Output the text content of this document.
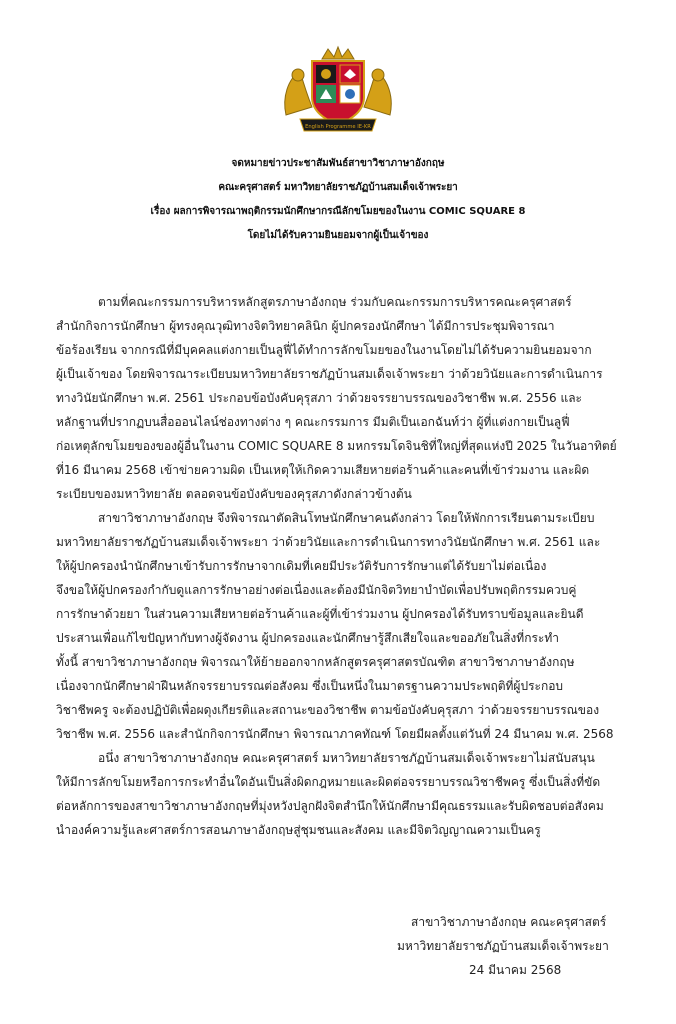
English Programme IE-KR

จดหมายข่าวประชาสัมพันธ์สาขาวิชาภาษาอังกฤษ

คณะครุศาสตร์ มหาวิทยาลัยราชภัฏบ้านสมเด็จเจ้าพระยา

เรื่อง ผลการพิจารณาพฤติกรรมนักศึกษากรณีลักขโมยของในงาน COMIC SQUARE 8

โดยไม่ได้รับความยินยอมจากผู้เป็นเจ้าของ

ตามที่คณะกรรมการบริหารหลักสูตรภาษาอังกฤษ ร่วมกับคณะกรรมการบริหารคณะครุศาสตร์

สำนักกิจการนักศึกษา ผู้ทรงคุณวุฒิทางจิตวิทยาคลินิก ผู้ปกครองนักศึกษา ได้มีการประชุมพิจารณา

ข้อร้องเรียน จากกรณีที่มีบุคคลแต่งกายเป็นลูฟี่ได้ทำการลักขโมยของในงานโดยไม่ได้รับความยินยอมจาก

ผู้เป็นเจ้าของ โดยพิจารณาระเบียบมหาวิทยาลัยราชภัฏบ้านสมเด็จเจ้าพระยา ว่าด้วยวินัยและการดำเนินการ

ทางวินัยนักศึกษา พ.ศ. 2561 ประกอบข้อบังคับคุรุสภา ว่าด้วยจรรยาบรรณของวิชาชีพ พ.ศ. 2556 และ

หลักฐานที่ปรากฏบนสื่อออนไลน์ช่องทางต่าง ๆ คณะกรรมการ มีมติเป็นเอกฉันท์ว่า ผู้ที่แต่งกายเป็นลูฟี่

ก่อเหตุลักขโมยของของผู้อื่นในงาน COMIC SQUARE 8 มหกรรมโดจินชิที่ใหญ่ที่สุดแห่งปี 2025 ในวันอาทิตย์

ที่16 มีนาคม 2568 เข้าข่ายความผิด เป็นเหตุให้เกิดความเสียหายต่อร้านค้าและคนที่เข้าร่วมงาน และผิด

ระเบียบของมหาวิทยาลัย ตลอดจนข้อบังคับของคุรุสภาดังกล่าวข้างต้น

สาขาวิชาภาษาอังกฤษ จึงพิจารณาตัดสินโทษนักศึกษาคนดังกล่าว โดยให้พักการเรียนตามระเบียบ

มหาวิทยาลัยราชภัฏบ้านสมเด็จเจ้าพระยา ว่าด้วยวินัยและการดำเนินการทางวินัยนักศึกษา พ.ศ. 2561 และ

ให้ผู้ปกครองนำนักศึกษาเข้ารับการรักษาจากเดิมที่เคยมีประวัติรับการรักษาแต่ได้รับยาไม่ต่อเนื่อง

จึงขอให้ผู้ปกครองกำกับดูแลการรักษาอย่างต่อเนื่องและต้องมีนักจิตวิทยาบำบัดเพื่อปรับพฤติกรรมควบคู่

การรักษาด้วยยา ในส่วนความเสียหายต่อร้านค้าและผู้ที่เข้าร่วมงาน ผู้ปกครองได้รับทราบข้อมูลและยินดี

ประสานเพื่อแก้ไขปัญหากับทางผู้จัดงาน ผู้ปกครองและนักศึกษารู้สึกเสียใจและขออภัยในสิ่งที่กระทำ

ทั้งนี้ สาขาวิชาภาษาอังกฤษ พิจารณาให้ย้ายออกจากหลักสูตรครุศาสตรบัณฑิต สาขาวิชาภาษาอังกฤษ

เนื่องจากนักศึกษาฝ่าฝืนหลักจรรยาบรรณต่อสังคม ซึ่งเป็นหนึ่งในมาตรฐานความประพฤติที่ผู้ประกอบ

วิชาชีพครู จะต้องปฏิบัติเพื่อผดุงเกียรติและสถานะของวิชาชีพ ตามข้อบังคับคุรุสภา ว่าด้วยจรรยาบรรณของ

วิชาชีพ พ.ศ. 2556 และสำนักกิจการนักศึกษา พิจารณาภาคทัณฑ์ โดยมีผลตั้งแต่วันที่ 24 มีนาคม พ.ศ. 2568

อนึ่ง สาขาวิชาภาษาอังกฤษ คณะครุศาสตร์ มหาวิทยาลัยราชภัฏบ้านสมเด็จเจ้าพระยาไม่สนับสนุน

ให้มีการลักขโมยหรือการกระทำอื่นใดอันเป็นสิ่งผิดกฎหมายและผิดต่อจรรยาบรรณวิชาชีพครู ซึ่งเป็นสิ่งที่ขัด

ต่อหลักการของสาขาวิชาภาษาอังกฤษที่มุ่งหวังปลูกฝังจิตสำนึกให้นักศึกษามีคุณธรรมและรับผิดชอบต่อสังคม

นำองค์ความรู้และศาสตร์การสอนภาษาอังกฤษสู่ชุมชนและสังคม และมีจิตวิญญาณความเป็นครู

สาขาวิชาภาษาอังกฤษ คณะครุศาสตร์
มหาวิทยาลัยราชภัฏบ้านสมเด็จเจ้าพระยา
24 มีนาคม 2568
